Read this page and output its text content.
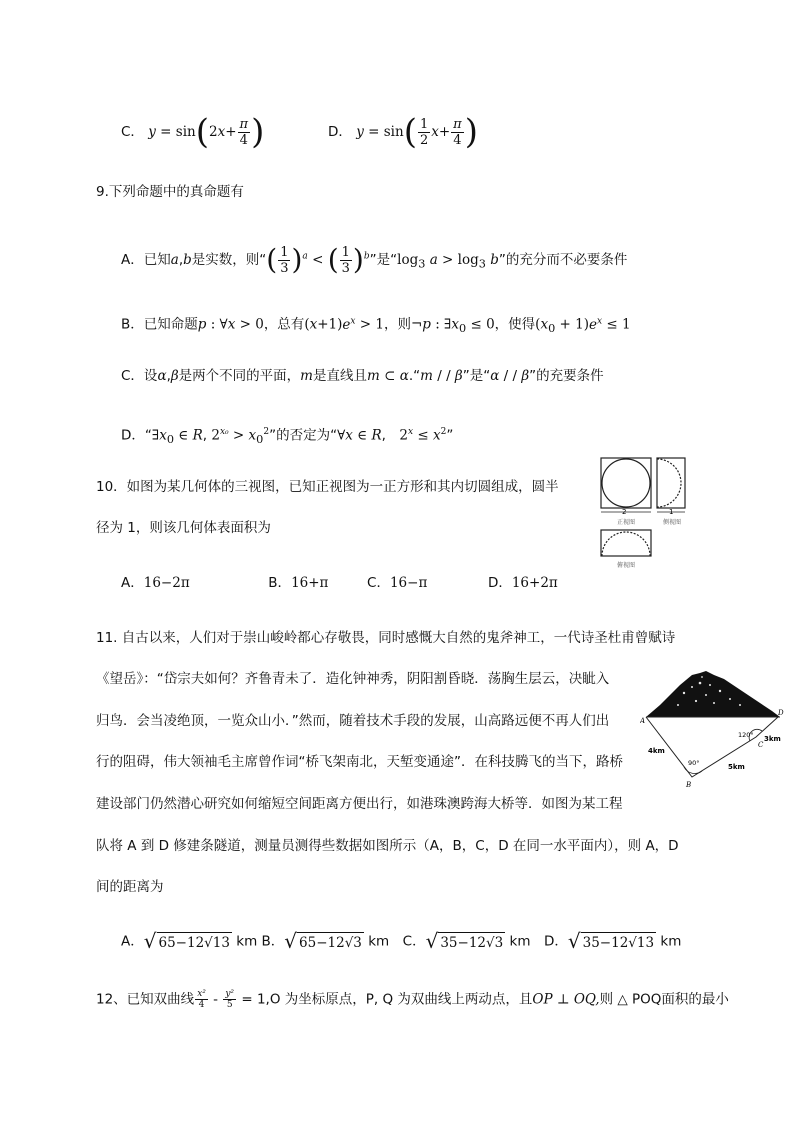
C． $y = \sin(2x+ \frac{\pi}{4}$ )	D． $y = \sin( \frac{1}{2} x+ \frac{\pi}{4}$ )
9.下列命题中的真命题有
A．已知a,b是实数，则“( $\frac{1}{3} )^a$ < ( $\frac{1}{3} )^b$”是“$\log_3$ $a > \log_3 b$”的充分而不必要条件
B．已知命题p : ∀x > 0，总有$(x+1)e^x > 1$，则¬p : $\exists x_0 \le 0$，使得$(x_0 + 1)e^x \le 1$
C．设α,β是两个不同的平面，m是直线且m ⊂ α.“m / / β”是“α / / β”的充要条件
D．“$\exists x_0$ ∈ R, $2^{x_0} > x_0^2$”的否定为“∀x ∈ R,　$2^x \le x^2$”
10．如图为某几何体的三视图，已知正视图为一正方形和其内切圆组成，圆半
径为 1，则该几何体表面积为
A．16−2π	B．16+π	C．16−π	D．16+2π
2	1
正视图	侧视图
俯视图
11. 自古以来，人们对于崇山峻岭都心存敬畏，同时感慨大自然的鬼斧神工，一代诗圣杜甫曾赋诗
《望岳》：“岱宗夫如何？齐鲁青未了．造化钟神秀，阴阳割昏晓．荡胸生层云，决眦入
归鸟．会当凌绝顶，一览众山小．”然而，随着技术手段的发展，山高路远便不再人们出
行的阻碍，伟大领袖毛主席曾作词“桥飞架南北，天堑变通途”．在科技腾飞的当下，路桥
建设部门仍然潜心研究如何缩短空间距离方便出行，如港珠澳跨海大桥等．如图为某工程
队将 A 到 D 修建条隧道，测量员测得些数据如图所示（A，B，C，D 在同一水平面内），则 A，D
间的距离为
A． √ 65−12√13 km B． √ 65−12√3 km　C． √ 35−12√3 km　D． √ 35−12√13 km
A
B
C
D
4km
5km
3km
90°
120°
12、已知双曲线 $\frac{\text{x²}}{4} - \frac{\text{y²}}{5} = 1,O$ 为坐标原点，P, Q 为双曲线上两动点，且OP ⊥ OQ,则 △ POQ面积的最小
